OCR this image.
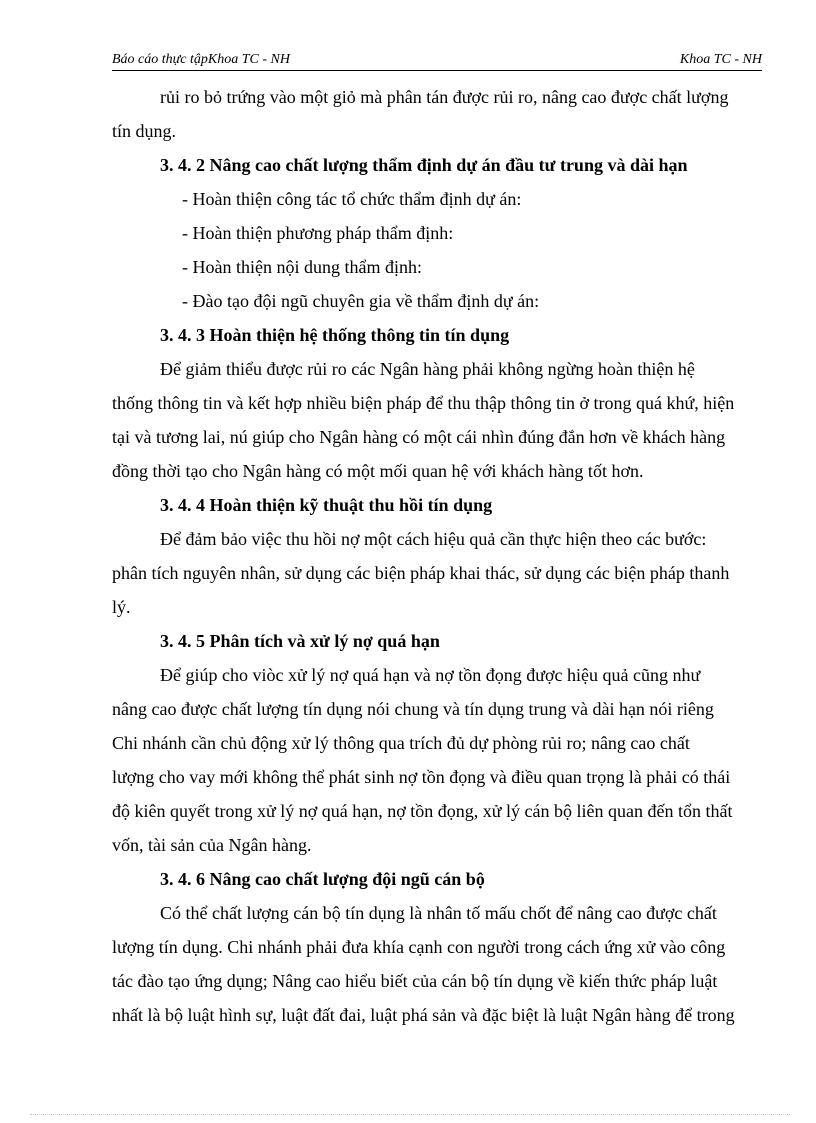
Báo cáo thực tậpKhoa TC - NH	Khoa TC - NH
rủi ro bỏ trứng vào một giỏ mà phân tán được rủi ro, nâng cao được chất lượng
tín dụng.
3. 4. 2 Nâng cao chất lượng thẩm định dự án đầu tư trung và dài hạn
- Hoàn thiện công tác tổ chức thẩm định dự án:
- Hoàn thiện phương pháp thẩm định:
- Hoàn thiện nội dung thẩm định:
- Đào tạo đội ngũ chuyên gia về thẩm định dự án:
3. 4. 3 Hoàn thiện hệ thống thông tin tín dụng
Để giảm thiểu được rủi ro các Ngân hàng phải không ngừng hoàn thiện hệ
thống thông tin và kết hợp nhiều biện pháp để thu thập thông tin ở trong quá khứ, hiện
tại và tương lai, nú giúp cho Ngân hàng có một cái nhìn đúng đắn hơn về khách hàng
đồng thời tạo cho Ngân hàng có một mối quan hệ với khách hàng tốt hơn.
3. 4. 4 Hoàn thiện kỹ thuật thu hồi tín dụng
Để đảm bảo việc thu hồi nợ một cách hiệu quả cần thực hiện theo các bước:
phân tích nguyên nhân, sử dụng các biện pháp khai thác, sử dụng các biện pháp thanh
lý.
3. 4. 5 Phân tích và xử lý nợ quá hạn
Để giúp cho viòc xử lý nợ quá hạn và nợ tồn đọng được hiệu quả cũng như
nâng cao được chất lượng tín dụng nói chung và tín dụng trung và dài hạn nói riêng
Chi nhánh cần chủ động xử lý thông qua trích đủ dự phòng rủi ro; nâng cao chất
lượng cho vay mới không thể phát sinh nợ tồn đọng và điều quan trọng là phải có thái
độ kiên quyết trong xử lý nợ quá hạn, nợ tồn đọng, xử lý cán bộ liên quan đến tổn thất
vốn, tài sản của Ngân hàng.
3. 4. 6 Nâng cao chất lượng đội ngũ cán bộ
Có thể chất lượng cán bộ tín dụng là nhân tố mấu chốt để nâng cao được chất
lượng tín dụng. Chi nhánh phải đưa khía cạnh con người trong cách ứng xử vào công
tác đào tạo ứng dụng; Nâng cao hiểu biết của cán bộ tín dụng về kiến thức pháp luật
nhất là bộ luật hình sự, luật đất đai, luật phá sản và đặc biệt là luật Ngân hàng để trong
